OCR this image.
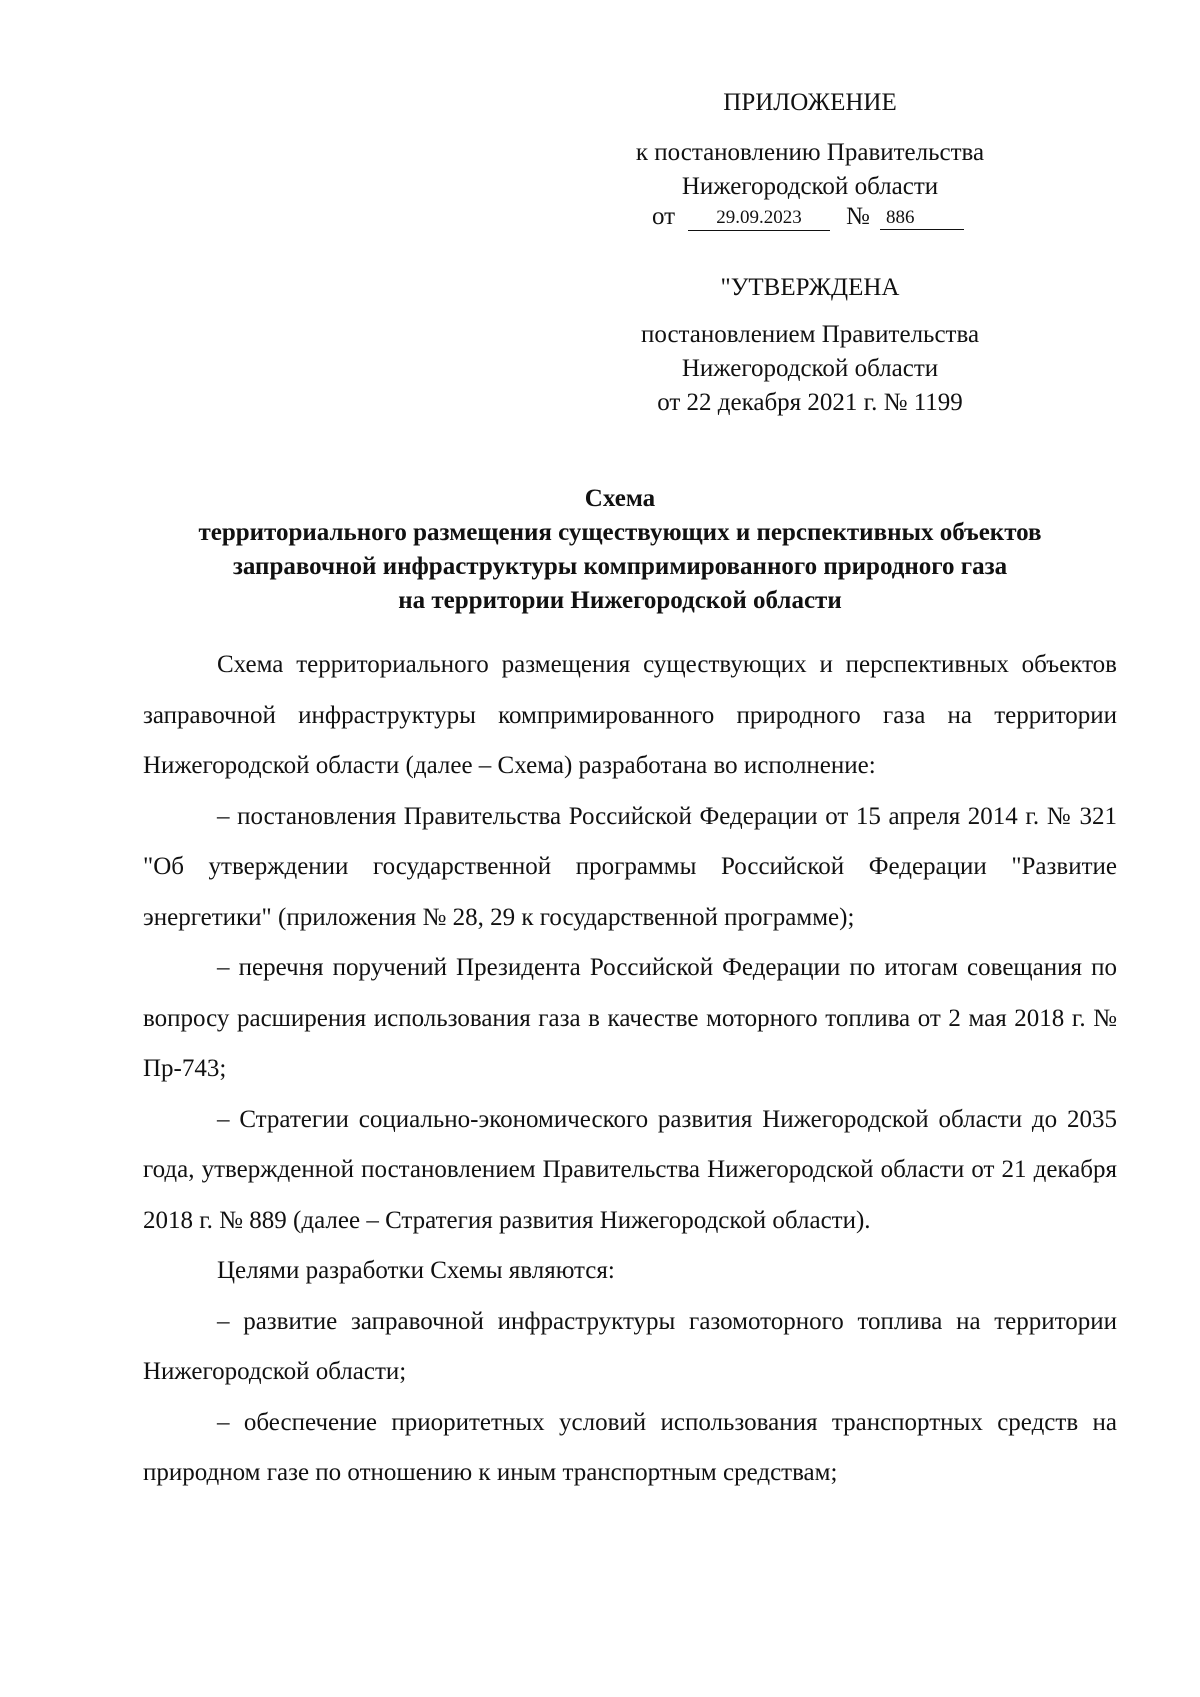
ПРИЛОЖЕНИЕ
к постановлению Правительства
Нижегородской области
от	29.09.2023	№ 886
"УТВЕРЖДЕНА
постановлением Правительства
Нижегородской области
от 22 декабря 2021 г. № 1199
Схема
территориального размещения существующих и перспективных объектов
заправочной инфраструктуры компримированного природного газа
на территории Нижегородской области

Схема территориального размещения существующих и перспективных объектов заправочной инфраструктуры компримированного природного газа на территории Нижегородской области (далее – Схема) разработана во исполнение:

– постановления Правительства Российской Федерации от 15 апреля 2014 г. № 321 "Об утверждении государственной программы Российской Федерации "Развитие энергетики" (приложения № 28, 29 к государственной программе);

– перечня поручений Президента Российской Федерации по итогам совещания по вопросу расширения использования газа в качестве моторного топлива от 2 мая 2018 г. № Пр-743;

– Стратегии социально-экономического развития Нижегородской области до 2035 года, утвержденной постановлением Правительства Нижегородской области от 21 декабря 2018 г. № 889 (далее – Стратегия развития Нижегородской области).

Целями разработки Схемы являются:

– развитие заправочной инфраструктуры газомоторного топлива на территории Нижегородской области;

– обеспечение приоритетных условий использования транспортных средств на природном газе по отношению к иным транспортным средствам;
